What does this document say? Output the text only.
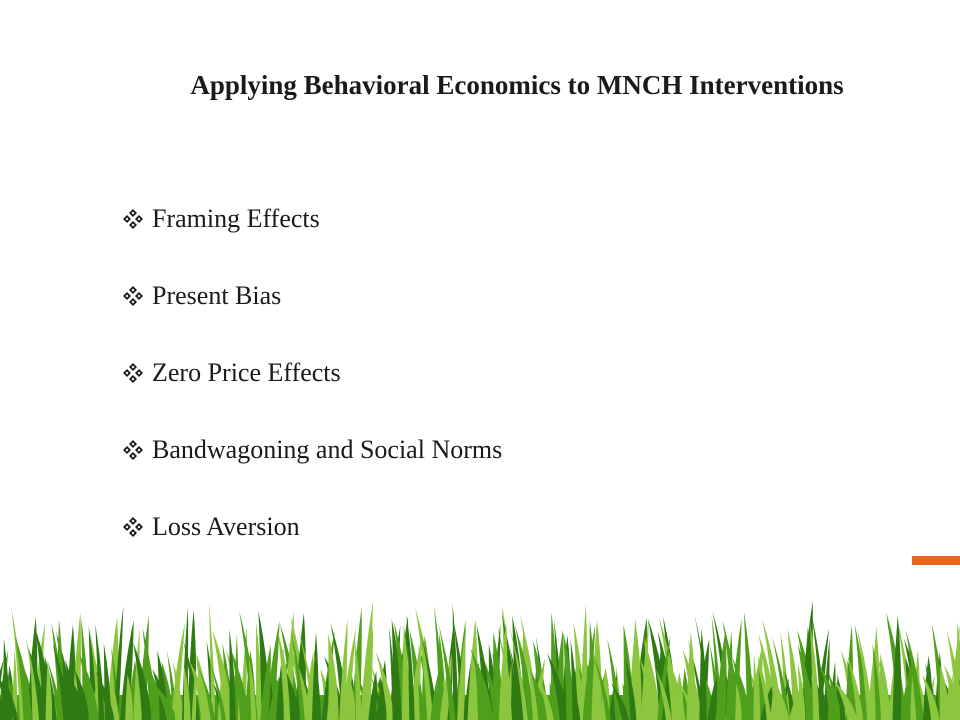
Applying Behavioral Economics to MNCH Interventions
Framing Effects
Present Bias
Zero Price Effects
Bandwagoning and Social Norms
Loss Aversion
